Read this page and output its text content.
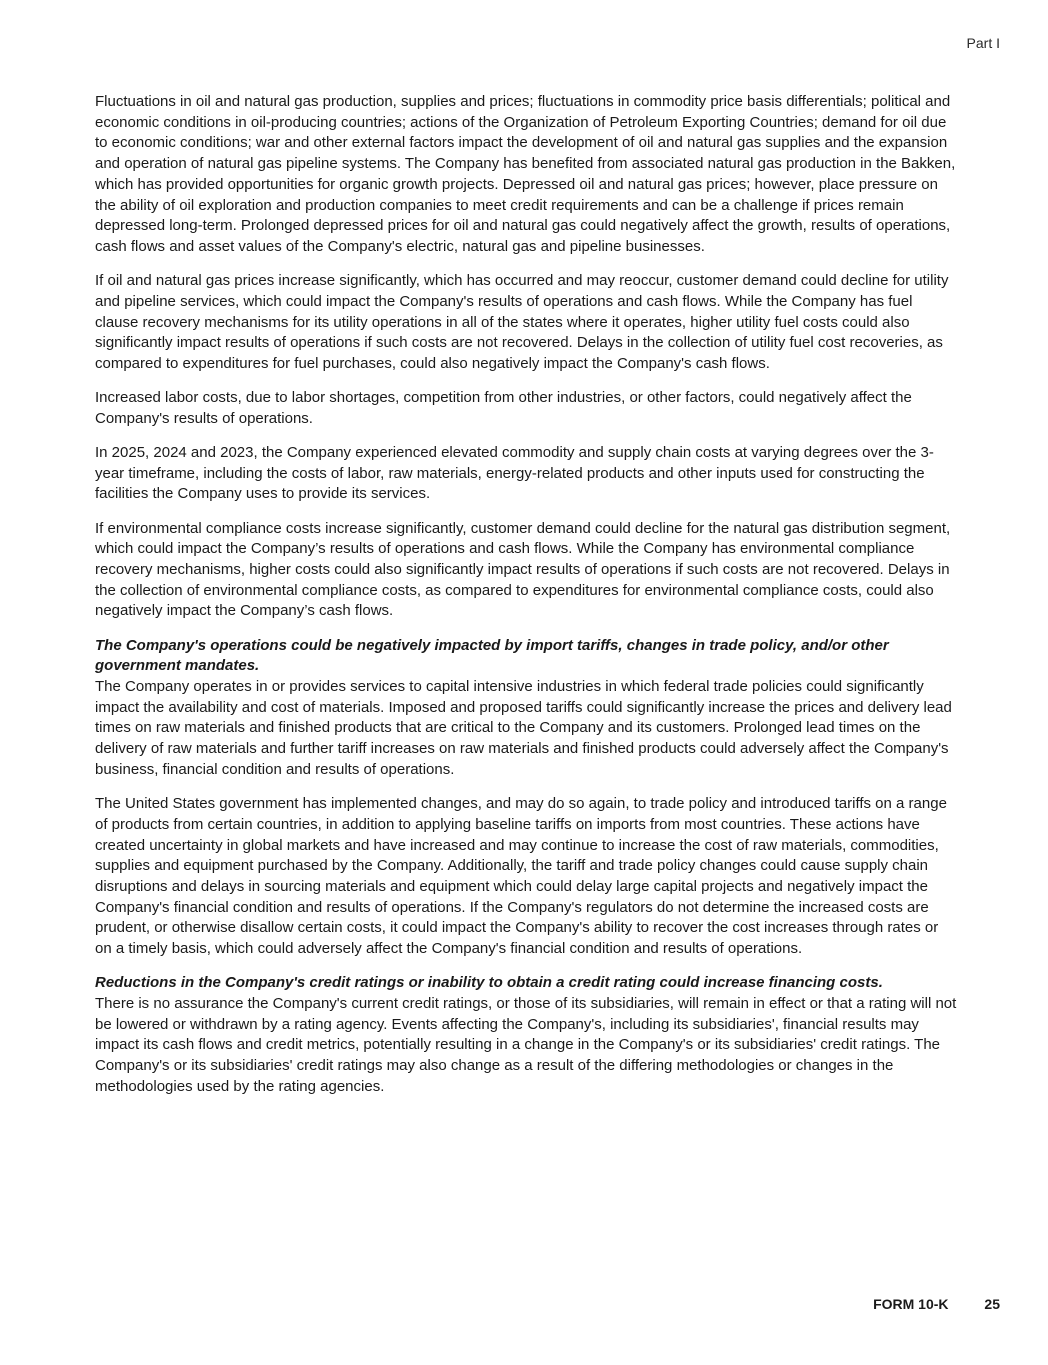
Part I

Fluctuations in oil and natural gas production, supplies and prices; fluctuations in commodity price basis differentials; political and economic conditions in oil-producing countries; actions of the Organization of Petroleum Exporting Countries; demand for oil due to economic conditions; war and other external factors impact the development of oil and natural gas supplies and the expansion and operation of natural gas pipeline systems. The Company has benefited from associated natural gas production in the Bakken, which has provided opportunities for organic growth projects. Depressed oil and natural gas prices; however, place pressure on the ability of oil exploration and production companies to meet credit requirements and can be a challenge if prices remain depressed long-term. Prolonged depressed prices for oil and natural gas could negatively affect the growth, results of operations, cash flows and asset values of the Company's electric, natural gas and pipeline businesses.

If oil and natural gas prices increase significantly, which has occurred and may reoccur, customer demand could decline for utility and pipeline services, which could impact the Company's results of operations and cash flows. While the Company has fuel clause recovery mechanisms for its utility operations in all of the states where it operates, higher utility fuel costs could also significantly impact results of operations if such costs are not recovered. Delays in the collection of utility fuel cost recoveries, as compared to expenditures for fuel purchases, could also negatively impact the Company's cash flows.

Increased labor costs, due to labor shortages, competition from other industries, or other factors, could negatively affect the Company's results of operations.

In 2025, 2024 and 2023, the Company experienced elevated commodity and supply chain costs at varying degrees over the 3-year timeframe, including the costs of labor, raw materials, energy-related products and other inputs used for constructing the facilities the Company uses to provide its services.

If environmental compliance costs increase significantly, customer demand could decline for the natural gas distribution segment, which could impact the Company’s results of operations and cash flows. While the Company has environmental compliance recovery mechanisms, higher costs could also significantly impact results of operations if such costs are not recovered. Delays in the collection of environmental compliance costs, as compared to expenditures for environmental compliance costs, could also negatively impact the Company’s cash flows.

The Company's operations could be negatively impacted by import tariffs, changes in trade policy, and/or other government mandates.

The Company operates in or provides services to capital intensive industries in which federal trade policies could significantly impact the availability and cost of materials. Imposed and proposed tariffs could significantly increase the prices and delivery lead times on raw materials and finished products that are critical to the Company and its customers. Prolonged lead times on the delivery of raw materials and further tariff increases on raw materials and finished products could adversely affect the Company's business, financial condition and results of operations.

The United States government has implemented changes, and may do so again, to trade policy and introduced tariffs on a range of products from certain countries, in addition to applying baseline tariffs on imports from most countries. These actions have created uncertainty in global markets and have increased and may continue to increase the cost of raw materials, commodities, supplies and equipment purchased by the Company. Additionally, the tariff and trade policy changes could cause supply chain disruptions and delays in sourcing materials and equipment which could delay large capital projects and negatively impact the Company's financial condition and results of operations. If the Company's regulators do not determine the increased costs are prudent, or otherwise disallow certain costs, it could impact the Company's ability to recover the cost increases through rates or on a timely basis, which could adversely affect the Company's financial condition and results of operations.

Reductions in the Company's credit ratings or inability to obtain a credit rating could increase financing costs.

There is no assurance the Company's current credit ratings, or those of its subsidiaries, will remain in effect or that a rating will not be lowered or withdrawn by a rating agency. Events affecting the Company's, including its subsidiaries', financial results may impact its cash flows and credit metrics, potentially resulting in a change in the Company's or its subsidiaries' credit ratings. The Company's or its subsidiaries' credit ratings may also change as a result of the differing methodologies or changes in the methodologies used by the rating agencies.

FORM 10-K	25
